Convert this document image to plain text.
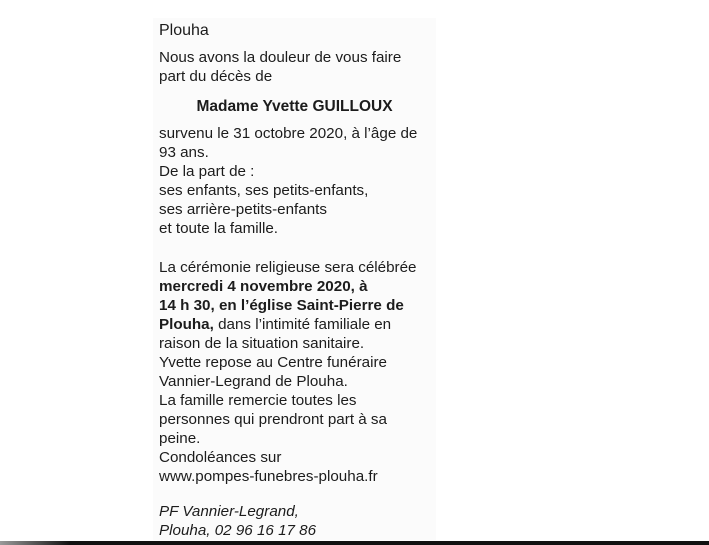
Plouha
Nous avons la douleur de vous faire
part du décès de
Madame Yvette GUILLOUX
survenu le 31 octobre 2020, à l’âge de
93 ans.
De la part de :
ses enfants, ses petits-enfants,
ses arrière-petits-enfants
et toute la famille.
La cérémonie religieuse sera célébrée
mercredi 4 novembre 2020, à
14 h 30, en l’église Saint-Pierre de
Plouha, dans l’intimité familiale en
raison de la situation sanitaire.
Yvette repose au Centre funéraire
Vannier-Legrand de Plouha.
La famille remercie toutes les
personnes qui prendront part à sa
peine.
Condoléances sur
www.pompes-funebres-plouha.fr
PF Vannier-Legrand,
Plouha, 02 96 16 17 86
